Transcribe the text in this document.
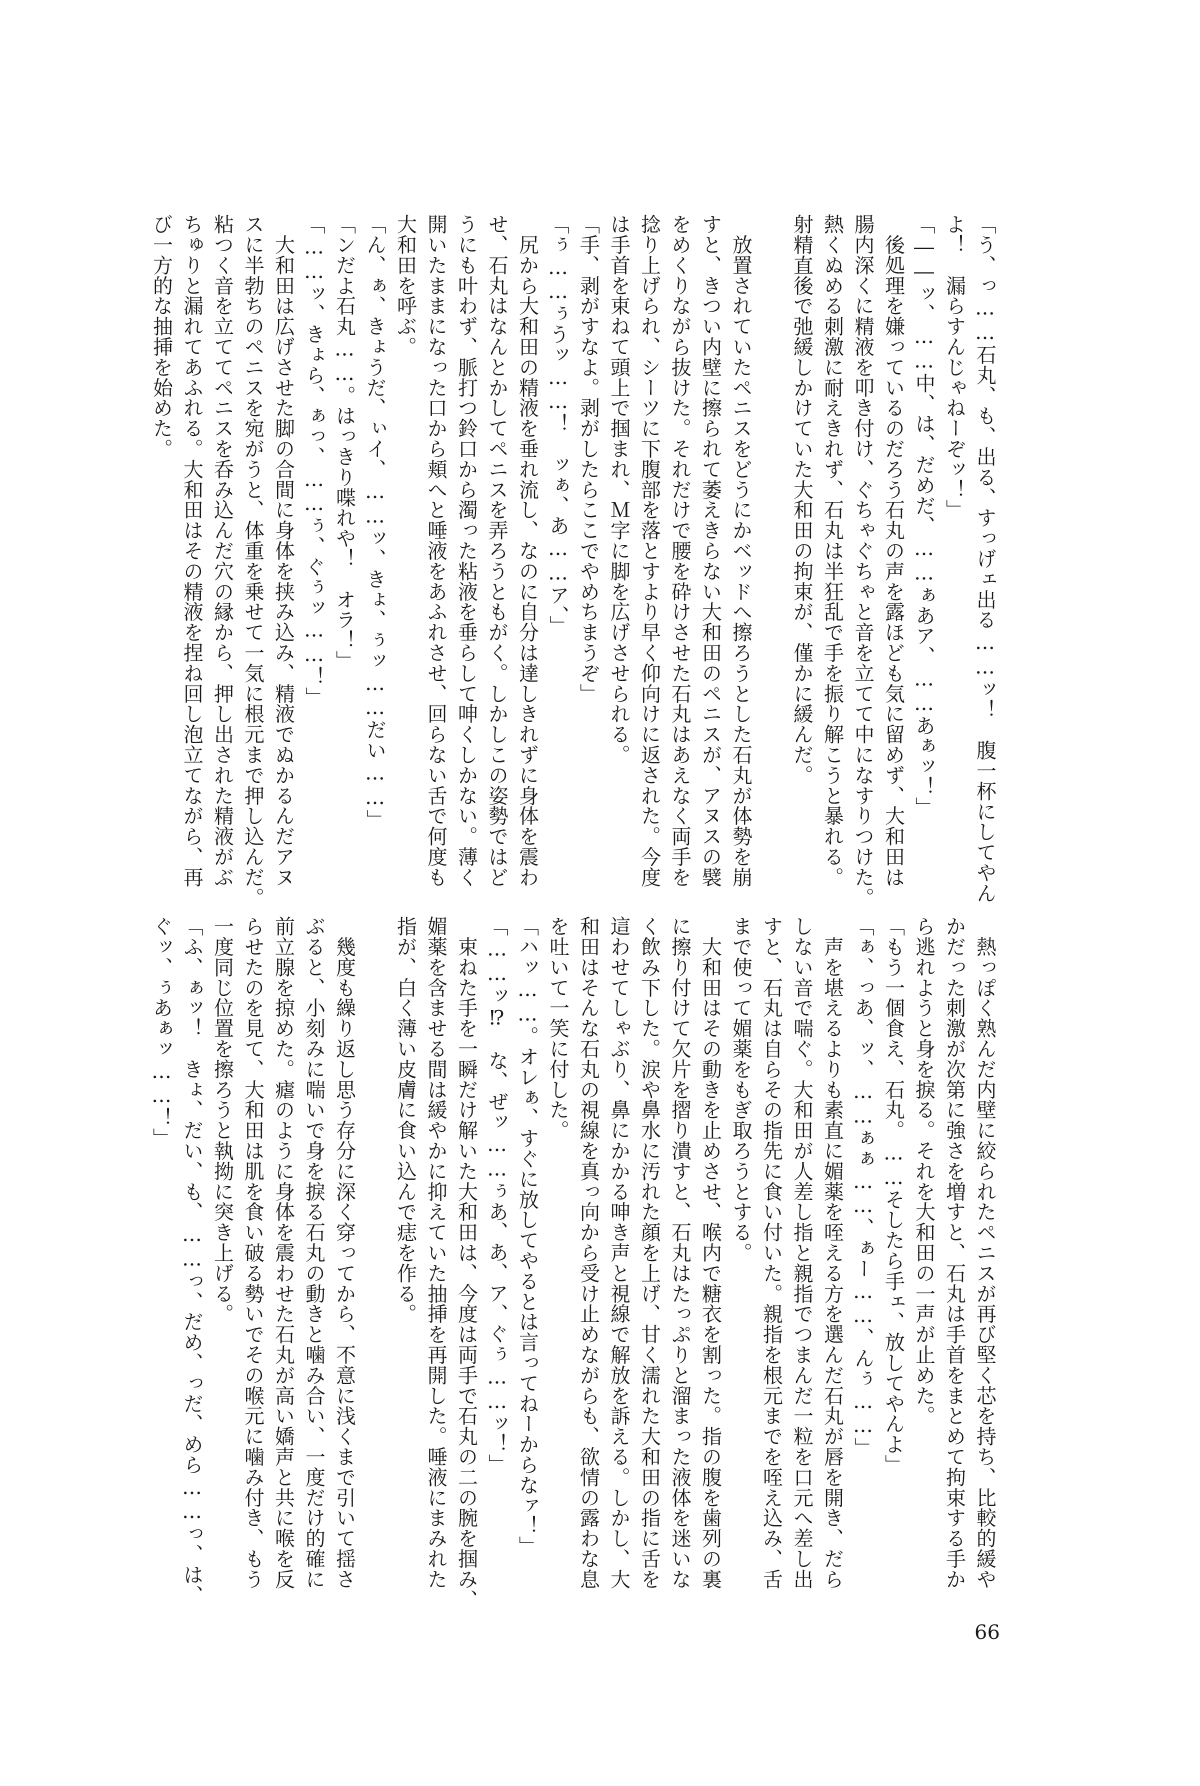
「う、っ……石丸、も、出る、すっげェ出る……ッ！　腹一杯にしてやん
よ！　漏らすんじゃねーぞッ！」
「――ッ、……中、は、だめだ、……ぁあア、……あぁッ！」
　後処理を嫌っているのだろう石丸の声を露ほども気に留めず、大和田は
腸内深くに精液を叩き付け、ぐちゃぐちゃと音を立てて中になすりつけた。
熱くぬめる刺激に耐えきれず、石丸は半狂乱で手を振り解こうと暴れる。
射精直後で弛緩しかけていた大和田の拘束が、僅かに緩んだ。

　放置されていたペニスをどうにかベッドへ擦ろうとした石丸が体勢を崩
すと、きつい内壁に擦られて萎えきらない大和田のペニスが、アヌスの襞
をめくりながら抜けた。それだけで腰を砕けさせた石丸はあえなく両手を
捻り上げられ、シーツに下腹部を落とすより早く仰向けに返された。今度
は手首を束ねて頭上で掴まれ、Ｍ字に脚を広げさせられる。
「手、剥がすなよ。剥がしたらここでやめちまうぞ」
「ぅ……ぅうッ……！　ッぁ、あ……ア、」
　尻から大和田の精液を垂れ流し、なのに自分は達しきれずに身体を震わ
せ、石丸はなんとかしてペニスを弄ろうともがく。しかしこの姿勢ではど
うにも叶わず、脈打つ鈴口から濁った粘液を垂らして呻くしかない。薄く
開いたままになった口から頬へと唾液をあふれさせ、回らない舌で何度も
大和田を呼ぶ。
「ん、ぁ、きょうだ、ぃイ、……ッ、きょ、ぅッ……だい……」
「ンだよ石丸……。はっきり喋れや！　オラ！」
「……ッ、きょら、ぁっ、……ぅ、ぐぅッ……！」
　大和田は広げさせた脚の合間に身体を挟み込み、精液でぬかるんだアヌ
スに半勃ちのペニスを宛がうと、体重を乗せて一気に根元まで押し込んだ。
粘つく音を立ててペニスを呑み込んだ穴の縁から、押し出された精液がぶ
ちゅりと漏れてあふれる。大和田はその精液を捏ね回し泡立てながら、再
び一方的な抽挿を始めた。
　熱っぽく熟んだ内壁に絞られたペニスが再び堅く芯を持ち、比較的緩や
かだった刺激が次第に強さを増すと、石丸は手首をまとめて拘束する手か
ら逃れようと身を捩る。それを大和田の一声が止めた。
「もう一個食え、石丸。……そしたら手ェ、放してやんよ」
「ぁ、っあ、ッ、……ぁぁ……、ぁー……、んぅ……」
　声を堪えるよりも素直に媚薬を咥える方を選んだ石丸が唇を開き、だら
しない音で喘ぐ。大和田が人差し指と親指でつまんだ一粒を口元へ差し出
すと、石丸は自らその指先に食い付いた。親指を根元までを咥え込み、舌
まで使って媚薬をもぎ取ろうとする。
　大和田はその動きを止めさせ、喉内で糖衣を割った。指の腹を歯列の裏
に擦り付けて欠片を摺り潰すと、石丸はたっぷりと溜まった液体を迷いな
く飲み下した。涙や鼻水に汚れた顔を上げ、甘く濡れた大和田の指に舌を
這わせてしゃぶり、鼻にかかる呻き声と視線で解放を訴える。しかし、大
和田はそんな石丸の視線を真っ向から受け止めながらも、欲情の露わな息
を吐いて一笑に付した。
「ハッ……。オレぁ、すぐに放してやるとは言ってねーからなァ！」
「……ッ⁉　な、ぜッ……ぅあ、あ、ア、ぐぅ……ッ！」
　束ねた手を一瞬だけ解いた大和田は、今度は両手で石丸の二の腕を掴み、
媚薬を含ませる間は緩やかに抑えていた抽挿を再開した。唾液にまみれた
指が、白く薄い皮膚に食い込んで痣を作る。

　幾度も繰り返し思う存分に深く穿ってから、不意に浅くまで引いて揺さ
ぶると、小刻みに喘いで身を捩る石丸の動きと噛み合い、一度だけ的確に
前立腺を掠めた。瘧のように身体を震わせた石丸が高い嬌声と共に喉を反
らせたのを見て、大和田は肌を食い破る勢いでその喉元に噛み付き、もう
一度同じ位置を擦ろうと執拗に突き上げる。
「ふ、ぁッ！　きょ、だい、も、……っ、だめ、っだ、めら……っ、は、
ぐッ、ぅあぁッ……！」
66
